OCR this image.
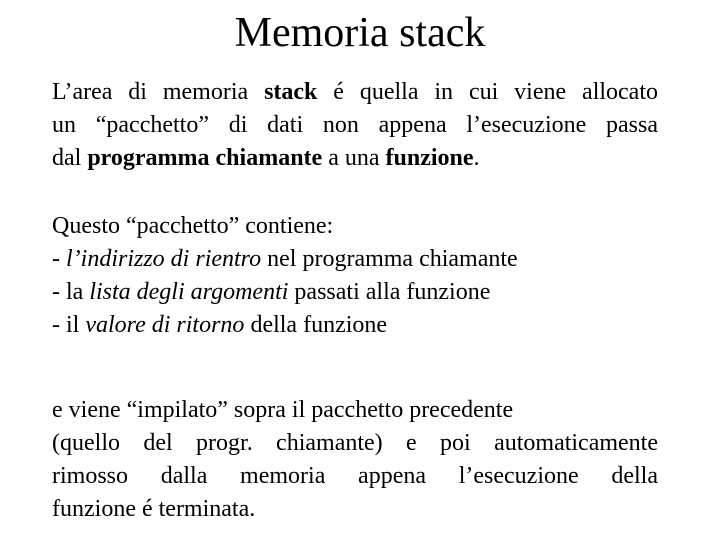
Memoria stack
L’area di memoria stack é quella in cui viene allocato
un “pacchetto” di dati non appena l’esecuzione passa
dal programma chiamante a una funzione.
Questo “pacchetto” contiene:
- l’indirizzo di rientro nel programma chiamante
- la lista degli argomenti passati alla funzione
- il valore di ritorno della funzione
e viene “impilato” sopra il pacchetto precedente
(quello del progr. chiamante) e poi automaticamente
rimosso dalla memoria appena l’esecuzione della
funzione é terminata.
